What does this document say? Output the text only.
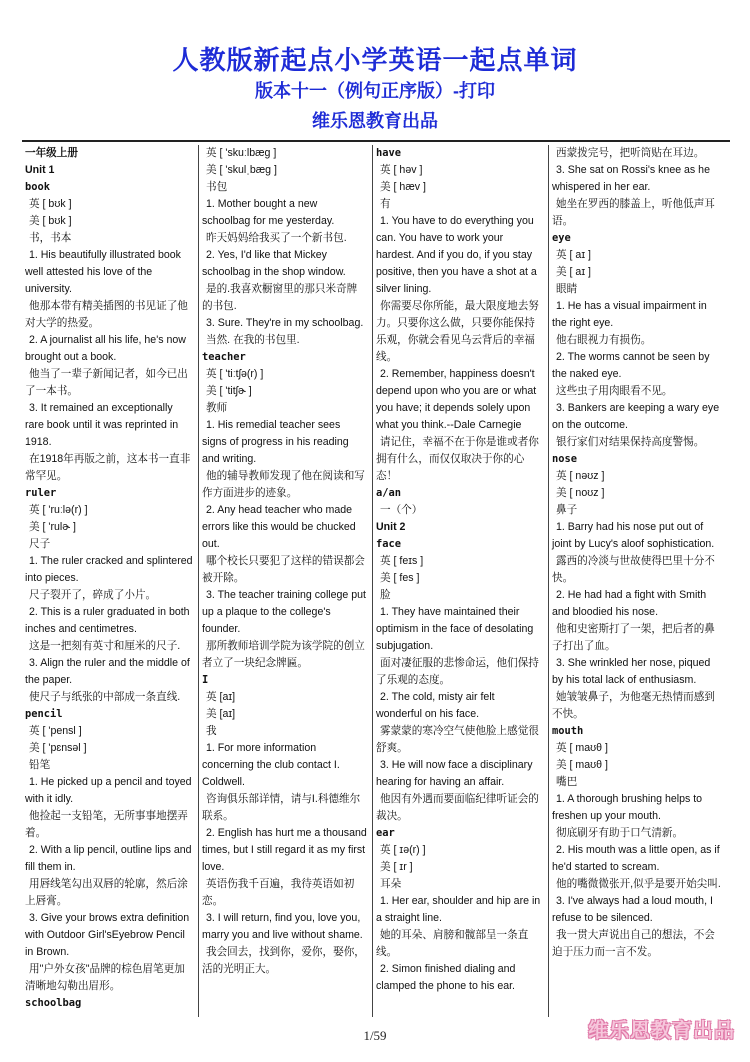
人教版新起点小学英语一起点单词
版本十一（例句正序版）-打印
维乐恩教育出品
一年级上册
Unit 1
book
英 [ bʊk ]
美 [ bʊk ]
书，书本
1. His beautifully illustrated book well attested his love of the university.
他那本带有精美插图的书见证了他对大学的热爱。
2. A journalist all his life, he's now brought out a book.
他当了一辈子新闻记者，如今已出了一本书。
3. It remained an exceptionally rare book until it was reprinted in 1918.
在1918年再版之前，这本书一直非常罕见。
ruler
英 [ 'ruːlə(r) ]
美 [ 'rulɚ ]
尺子
1. The ruler cracked and splintered into pieces.
尺子裂开了，碎成了小片。
2. This is a ruler graduated in both inches and centimetres.
这是一把刻有英寸和厘米的尺子.
3. Align the ruler and the middle of the paper.
使尺子与纸张的中部成一条直线.
pencil
英 [ 'pensl ]
美 [ 'pɛnsəl ]
铅笔
1. He picked up a pencil and toyed with it idly.
他捡起一支铅笔，无所事事地摆弄着。
2. With a lip pencil, outline lips and fill them in.
用唇线笔勾出双唇的轮廓，然后涂上唇膏。
3. Give your brows extra definition with Outdoor Girl'sEyebrow Pencil in Brown.
用"户外女孩"品牌的棕色眉笔更加清晰地勾勒出眉形。
schoolbag
英 [ 'skuːlbæg ]
美 [ 'skulˌbæg ]
书包
1. Mother bought a new schoolbag for me yesterday.
昨天妈妈给我买了一个新书包.
2. Yes, I'd like that Mickey schoolbag in the shop window.
是的.我喜欢橱窗里的那只米奇牌的书包.
3. Sure. They're in my schoolbag.
当然. 在我的书包里.
teacher
英 [ 'tiːtʃə(r) ]
美 [ 'titʃɚ ]
教师
1. His remedial teacher sees signs of progress in his reading and writing.
他的辅导教师发现了他在阅读和写作方面进步的迹象。
2. Any head teacher who made errors like this would be chucked out.
哪个校长只要犯了这样的错误都会被开除。
3. The teacher training college put up a plaque to the college's founder.
那所教师培训学院为该学院的创立者立了一块纪念牌匾。
I
英 [aɪ]
美 [aɪ]
我
1. For more information concerning the club contact I. Coldwell.
咨询俱乐部详情，请与I.科德维尔联系。
2. English has hurt me a thousand times, but I still regard it as my first love.
英语伤我千百遍，我待英语如初恋。
3. I will return, find you, love you, marry you and live without shame.
我会回去，找到你，爱你，娶你，活的光明正大。
have
英 [ həv ]
美 [ hæv ]
有
1. You have to do everything you can. You have to work your hardest. And if you do, if you stay positive, then you have a shot at a silver lining.
你需要尽你所能，最大限度地去努力。只要你这么做，只要你能保持乐观，你就会看见乌云背后的幸福线。
2. Remember, happiness doesn't depend upon who you are or what you have; it depends solely upon what you think.--Dale Carnegie
请记住，幸福不在于你是谁或者你拥有什么，而仅仅取决于你的心态！
a/an
一（个）
Unit 2
face
英 [ feɪs ]
美 [ fes ]
脸
1. They have maintained their optimism in the face of desolating subjugation.
面对凄征服的悲惨命运，他们保持了乐观的态度。
2. The cold, misty air felt wonderful on his face.
雾蒙蒙的寒冷空气使他脸上感觉很舒爽。
3. He will now face a disciplinary hearing for having an affair.
他因有外遇而要面临纪律听证会的裁决。
ear
英 [ ɪə(r) ]
美 [ ɪr ]
耳朵
1. Her ear, shoulder and hip are in a straight line.
她的耳朵、肩膀和髋部呈一条直线。
2. Simon finished dialing and clamped the phone to his ear.
西蒙拨完号，把听筒贴在耳边。
3. She sat on Rossi's knee as he whispered in her ear.
她坐在罗西的膝盖上，听他低声耳语。
eye
英 [ aɪ ]
美 [ aɪ ]
眼睛
1. He has a visual impairment in the right eye.
他右眼视力有损伤。
2. The worms cannot be seen by the naked eye.
这些虫子用肉眼看不见。
3. Bankers are keeping a wary eye on the outcome.
银行家们对结果保持高度警惕。
nose
英 [ nəʊz ]
美 [ noʊz ]
鼻子
1. Barry had his nose put out of joint by Lucy's aloof sophistication.
露西的冷淡与世故使得巴里十分不快。
2. He had had a fight with Smith and bloodied his nose.
他和史密斯打了一架，把后者的鼻子打出了血。
3. She wrinkled her nose, piqued by his total lack of enthusiasm.
她皱皱鼻子，为他毫无热情而感到不快。
mouth
英 [ maʊθ ]
美 [ maʊθ ]
嘴巴
1. A thorough brushing helps to freshen up your mouth.
彻底刷牙有助于口气清新。
2. His mouth was a little open, as if he'd started to scream.
他的嘴微微张开,似乎是要开始尖叫.
3. I've always had a loud mouth, I refuse to be silenced.
我一贯大声说出自己的想法，不会迫于压力而一言不发。
1/59	维乐恩教育出品
